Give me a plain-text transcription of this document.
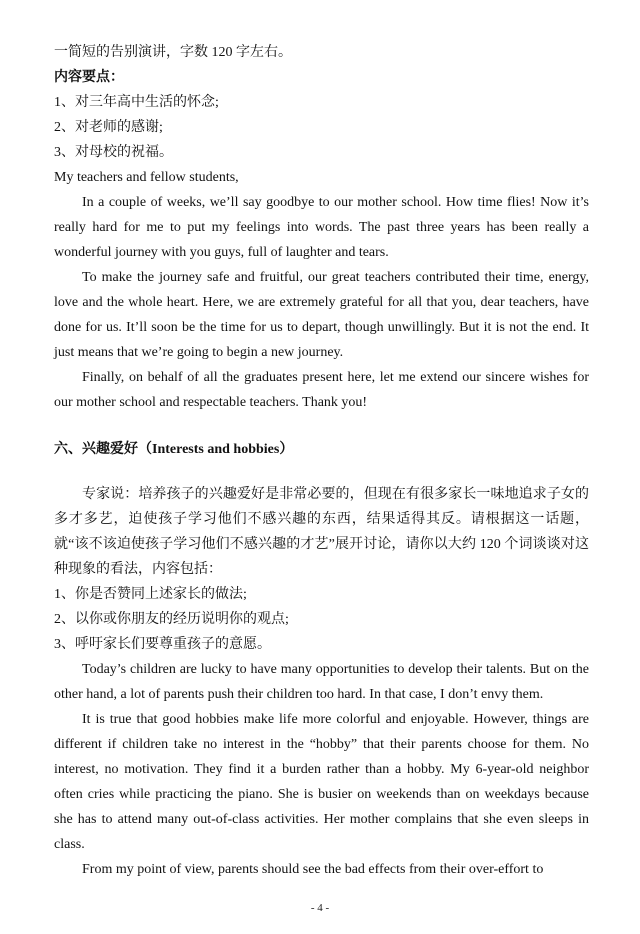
一简短的告别演讲，字数 120 字左右。

内容要点：

1、对三年高中生活的怀念;

2、对老师的感谢;

3、对母校的祝福。

My teachers and fellow students,

In a couple of weeks, we’ll say goodbye to our mother school. How time flies! Now it’s really hard for me to put my feelings into words. The past three years has been really a wonderful journey with you guys, full of laughter and tears.

To make the journey safe and fruitful, our great teachers contributed their time, energy, love and the whole heart. Here, we are extremely grateful for all that you, dear teachers, have done for us. It’ll soon be the time for us to depart, though unwillingly. But it is not the end. It just means that we’re going to begin a new journey.

Finally, on behalf of all the graduates present here, let me extend our sincere wishes for our mother school and respectable teachers. Thank you!

六、兴趣爱好（Interests and hobbies）

专家说：培养孩子的兴趣爱好是非常必要的，但现在有很多家长一味地追求子女的多才多艺，迫使孩子学习他们不感兴趣的东西，结果适得其反。请根据这一话题，就“该不该迫使孩子学习他们不感兴趣的才艺”展开讨论，请你以大约 120 个词谈谈对这种现象的看法，内容包括：

1、你是否赞同上述家长的做法;

2、以你或你朋友的经历说明你的观点;

3、呼吁家长们要尊重孩子的意愿。

Today’s children are lucky to have many opportunities to develop their talents. But on the other hand, a lot of parents push their children too hard. In that case, I don’t envy them.

It is true that good hobbies make life more colorful and enjoyable. However, things are different if children take no interest in the “hobby” that their parents choose for them. No interest, no motivation. They find it a burden rather than a hobby. My 6-year-old neighbor often cries while practicing the piano. She is busier on weekends than on weekdays because she has to attend many out-of-class activities. Her mother complains that she even sleeps in class.

From my point of view, parents should see the bad effects from their over-effort to

- 4 -
